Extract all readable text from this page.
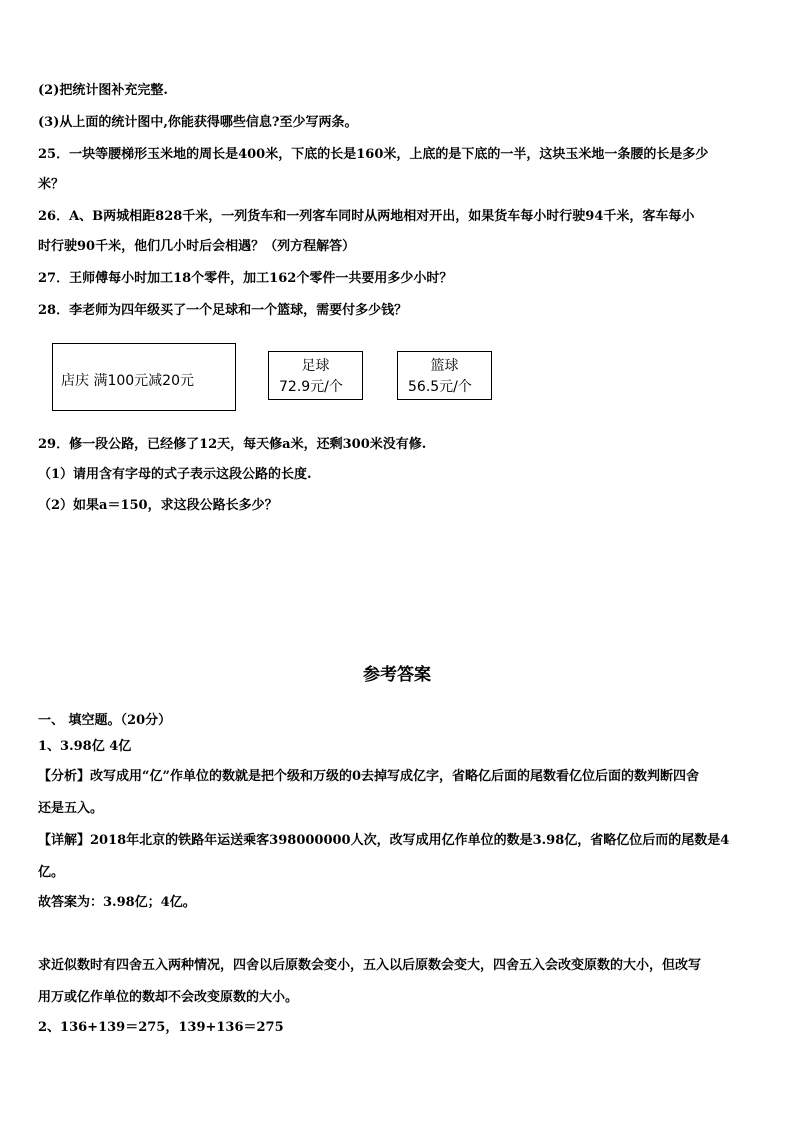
(2)把统计图补充完整.
(3)从上面的统计图中,你能获得哪些信息?至少写两条。
25．一块等腰梯形玉米地的周长是400米，下底的长是160米，上底的是下底的一半，这块玉米地一条腰的长是多少
米？
26．A、B两城相距828千米，一列货车和一列客车同时从两地相对开出，如果货车每小时行驶94千米，客车每小
时行驶90千米，他们几小时后会相遇？（列方程解答）
27．王师傅每小时加工18个零件，加工162个零件一共要用多少小时？
28．李老师为四年级买了一个足球和一个篮球，需要付多少钱？
店庆 满100元减20元
足球
72.9元/个
篮球
56.5元/个
29．修一段公路，已经修了12天，每天修a米，还剩300米没有修.
（1）请用含有字母的式子表示这段公路的长度.
（2）如果a＝150，求这段公路长多少？
参考答案
一、 填空题。（20分）
1、3.98亿 4亿
【分析】改写成用“亿”作单位的数就是把个级和万级的0去掉写成亿字，省略亿后面的尾数看亿位后面的数判断四舍
还是五入。
【详解】2018年北京的铁路年运送乘客398000000人次，改写成用亿作单位的数是3.98亿，省略亿位后而的尾数是4
亿。
故答案为：3.98亿；4亿。
求近似数时有四舍五入两种情况，四舍以后原数会变小，五入以后原数会变大，四舍五入会改变原数的大小，但改写
用万或亿作单位的数却不会改变原数的大小。
2、136+139＝275，139+136＝275
